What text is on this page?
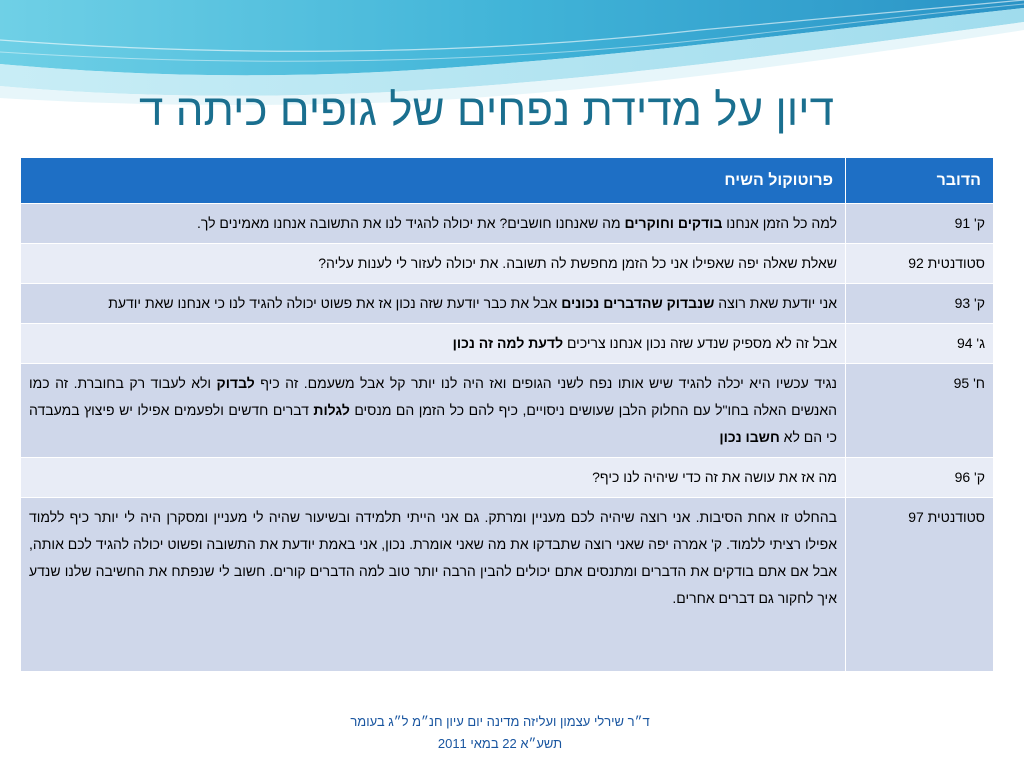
דיון על מדידת נפחים של גופים כיתה ד
הדובר	פרוטוקול השיח
ק' 91	למה כל הזמן אנחנו בודקים וחוקרים מה שאנחנו חושבים? את יכולה להגיד לנו את התשובה אנחנו מאמינים לך.
סטודנטית 92	שאלת שאלה יפה שאפילו אני כל הזמן מחפשת לה תשובה. את יכולה לעזור לי לענות עליה?
ק' 93	אני יודעת שאת רוצה שנבדוק שהדברים נכונים אבל את כבר יודעת שזה נכון אז את פשוט יכולה להגיד לנו כי אנחנו שאת יודעת
ג' 94	אבל זה לא מספיק שנדע שזה נכון אנחנו צריכים לדעת למה זה נכון
ח' 95	נגיד עכשיו היא יכלה להגיד שיש אותו נפח לשני הגופים ואז היה לנו יותר קל אבל משעמם. זה כיף לבדוק ולא לעבוד רק בחוברת. זה כמו האנשים האלה בחו"ל עם החלוק הלבן שעושים ניסויים, כיף להם כל הזמן הם מנסים לגלות דברים חדשים ולפעמים אפילו יש פיצוץ במעבדה כי הם לא חשבו נכון
ק' 96	מה אז את עושה את זה כדי שיהיה לנו כיף?
סטודנטית 97	בהחלט זו אחת הסיבות. אני רוצה שיהיה לכם מעניין ומרתק. גם אני הייתי תלמידה ובשיעור שהיה לי מעניין ומסקרן היה לי יותר כיף ללמוד אפילו רציתי ללמוד. ק' אמרה יפה שאני רוצה שתבדקו את מה שאני אומרת. נכון, אני באמת יודעת את התשובה ופשוט יכולה להגיד לכם אותה, אבל אם אתם בודקים את הדברים ומתנסים אתם יכולים להבין הרבה יותר טוב למה הדברים קורים. חשוב לי שנפתח את החשיבה שלנו שנדע איך לחקור גם דברים אחרים.
ד״ר שירלי עצמון ועליזה מדינה יום עיון חנ״מ ל״ג בעומר
תשע״א 22 במאי 2011
